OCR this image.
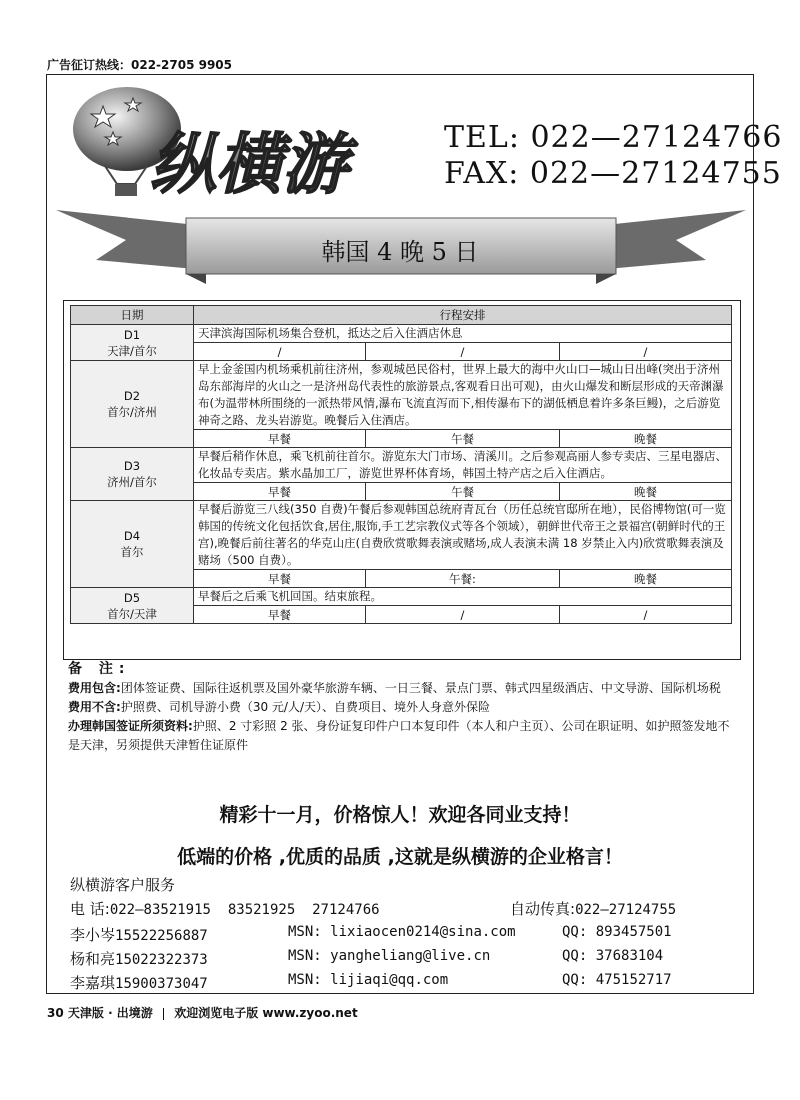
广告征订热线：022-2705 9905
纵横游	TEL: 022—27124766
FAX: 022—27124755
韩国 4 晚 5 日
日期	行程安排		
D1
天津/首尔	天津滨海国际机场集合登机，抵达之后入住酒店休息		
	/	/	/
D2
首尔/济州	早上金釜国内机场乘机前往济州，参观城邑民俗村，世界上最大的海中火山口—城山日出峰(突出于济州岛东部海岸的火山之一是济州岛代表性的旅游景点,客观看日出可观)，由火山爆发和断层形成的天帝渊瀑布(为温带林所围绕的一派热带风情,瀑布飞流直泻而下,相传瀑布下的湖低栖息着许多条巨鳗)，之后游览神奇之路、龙头岩游览。晚餐后入住酒店。		
	早餐	午餐	晚餐
D3
济州/首尔	早餐后稍作休息，乘飞机前往首尔。游览东大门市场、清溪川。之后参观高丽人参专卖店、三星电器店、化妆品专卖店。紫水晶加工厂，游览世界杯体育场，韩国土特产店之后入住酒店。		
	早餐	午餐	晚餐
D4
首尔	早餐后游览三八线(350 自费)午餐后参观韩国总统府青瓦台（历任总统官邸所在地），民俗博物馆(可一览韩国的传统文化包括饮食,居住,服饰,手工艺宗教仪式等各个领域），朝鲜世代帝王之景福宫(朝鲜时代的王宫),晚餐后前往著名的华克山庄(自费欣赏歌舞表演或赌场,成人表演未满 18 岁禁止入内)欣赏歌舞表演及赌场（500 自费）。		
	早餐	午餐:	晚餐
D5
首尔/天津	早餐后之后乘飞机回国。结束旅程。		
	早餐	/	/
备 注:
费用包含:团体签证费、国际往返机票及国外豪华旅游车辆、一日三餐、景点门票、韩式四星级酒店、中文导游、国际机场税
费用不含:护照费、司机导游小费（30 元/人/天）、自费项目、境外人身意外保险
办理韩国签证所须资料:护照、2 寸彩照 2 张、身份证复印件户口本复印件（本人和户主页）、公司在职证明、如护照签发地不是天津，另须提供天津暂住证原件
精彩十一月，价格惊人！欢迎各同业支持！
低端的价格 ,优质的品质 ,这就是纵横游的企业格言！
纵横游客户服务
电 话:022—83521915  83521925  27124766	自动传真:022—27124755
李小岑15522256887	MSN: lixiaocen0214@sina.com	QQ: 893457501
杨和亮15022322373	MSN: yangheliang@live.cn	QQ: 37683104
李嘉琪15900373047	MSN: lijiaqi@qq.com	QQ: 475152717
30 天津版 · 出境游 欢迎浏览电子版 www.zyoo.net
